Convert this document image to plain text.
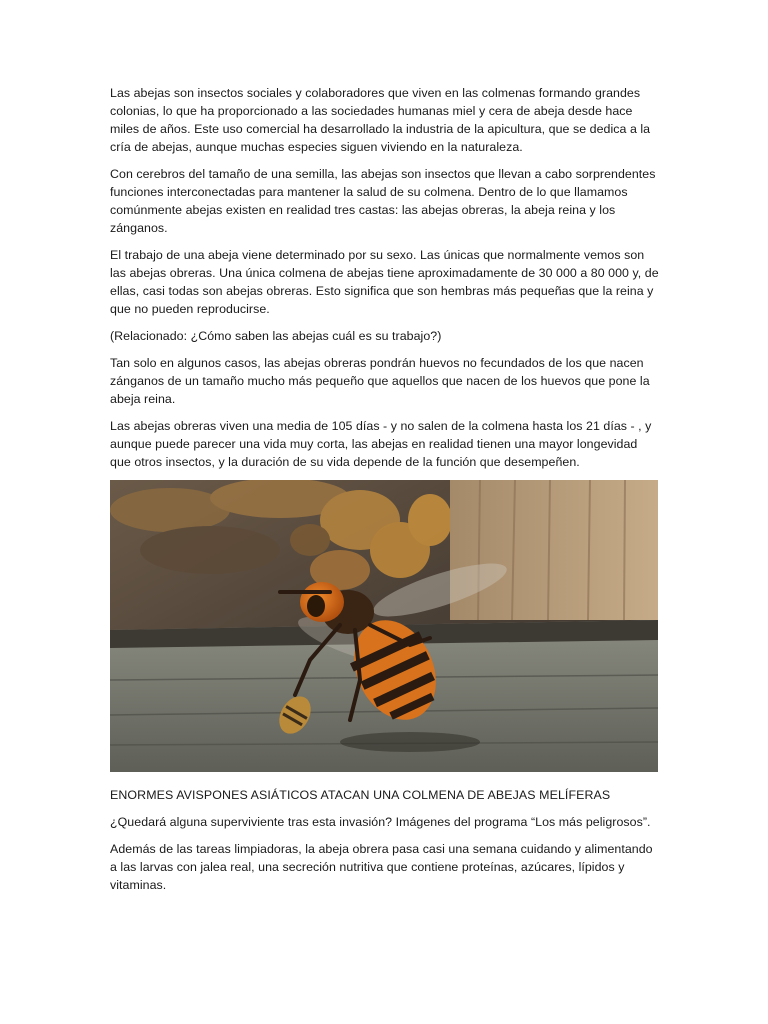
Las abejas son insectos sociales y colaboradores que viven en las colmenas formando grandes colonias, lo que ha proporcionado a las sociedades humanas miel y cera de abeja desde hace miles de años. Este uso comercial ha desarrollado la industria de la apicultura, que se dedica a la cría de abejas, aunque muchas especies siguen viviendo en la naturaleza.

Con cerebros del tamaño de una semilla, las abejas son insectos que llevan a cabo sorprendentes funciones interconectadas para mantener la salud de su colmena. Dentro de lo que llamamos comúnmente abejas existen en realidad tres castas: las abejas obreras, la abeja reina y los zánganos.

El trabajo de una abeja viene determinado por su sexo. Las únicas que normalmente vemos son las abejas obreras. Una única colmena de abejas tiene aproximadamente de 30 000 a 80 000 y, de ellas, casi todas son abejas obreras. Esto significa que son hembras más pequeñas que la reina y que no pueden reproducirse.

(Relacionado: ¿Cómo saben las abejas cuál es su trabajo?)

Tan solo en algunos casos, las abejas obreras pondrán huevos no fecundados de los que nacen zánganos de un tamaño mucho más pequeño que aquellos que nacen de los huevos que pone la abeja reina.

Las abejas obreras viven una media de 105 días - y no salen de la colmena hasta los 21 días - , y aunque puede parecer una vida muy corta, las abejas en realidad tienen una mayor longevidad que otros insectos, y la duración de su vida depende de la función que desempeñen.

ENORMES AVISPONES ASIÁTICOS ATACAN UNA COLMENA DE ABEJAS MELÍFERAS

¿Quedará alguna superviviente tras esta invasión? Imágenes del programa “Los más peligrosos”.

Además de las tareas limpiadoras, la abeja obrera pasa casi una semana cuidando y alimentando a las larvas con jalea real, una secreción nutritiva que contiene proteínas, azúcares, lípidos y vitaminas.
